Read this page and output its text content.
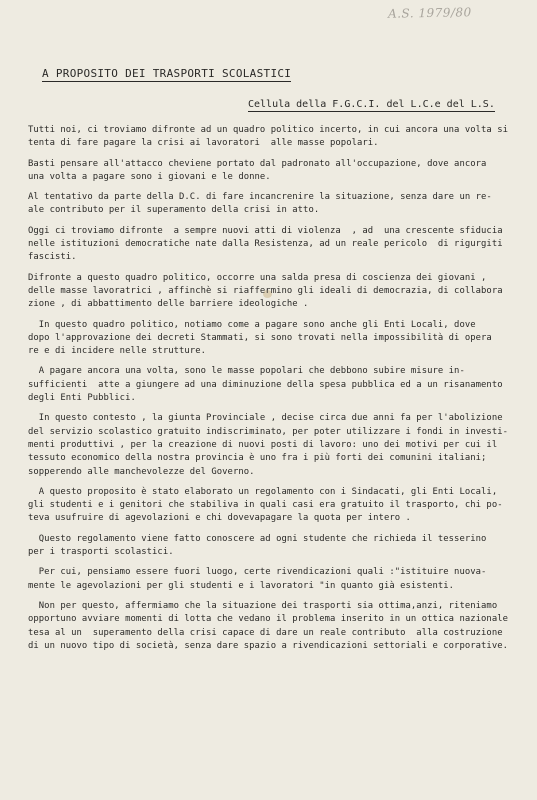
A.S. 1979/80
A PROPOSITO DEI TRASPORTI SCOLASTICI
Cellula della F.G.C.I. del L.C.e del L.S.
Tutti noi, ci troviamo difronte ad un quadro politico incerto, in cui ancora una volta si
tenta di fare pagare la crisi ai lavoratori  alle masse popolari.
Basti pensare all'attacco cheviene portato dal padronato all'occupazione, dove ancora
una volta a pagare sono i giovani e le donne.
Al tentativo da parte della D.C. di fare incancrenire la situazione, senza dare un re-
ale contributo per il superamento della crisi in atto.
Oggi ci troviamo difronte  a sempre nuovi atti di violenza  , ad  una crescente sfiducia
nelle istituzioni democratiche nate dalla Resistenza, ad un reale pericolo  di rigurgiti
fascisti.
Difronte a questo quadro politico, occorre una salda presa di coscienza dei giovani ,
delle masse lavoratrici , affinchè si riaffermino gli ideali di democrazia, di collabora
zione , di abbattimento delle barriere ideologiche .
In questo quadro politico, notiamo come a pagare sono anche gli Enti Locali, dove
dopo l'approvazione dei decreti Stammati, si sono trovati nella impossibilità di opera
re e di incidere nelle strutture.
A pagare ancora una volta, sono le masse popolari che debbono subire misure in-
sufficienti  atte a giungere ad una diminuzione della spesa pubblica ed a un risanamento
degli Enti Pubblici.
In questo contesto , la giunta Provinciale , decise circa due anni fa per l'abolizione
del servizio scolastico gratuito indiscriminato, per poter utilizzare i fondi in investi-
menti produttivi , per la creazione di nuovi posti di lavoro: uno dei motivi per cui il
tessuto economico della nostra provincia è uno fra i più forti dei comunini italiani;
sopperendo alle manchevolezze del Governo.
A questo proposito è stato elaborato un regolamento con i Sindacati, gli Enti Locali,
gli studenti e i genitori che stabiliva in quali casi era gratuito il trasporto, chi po-
teva usufruire di agevolazioni e chi dovevapagare la quota per intero .
Questo regolamento viene fatto conoscere ad ogni studente che richieda il tesserino
per i trasporti scolastici.
Per cui, pensiamo essere fuori luogo, certe rivendicazioni quali :"istituire nuova-
mente le agevolazioni per gli studenti e i lavoratori "in quanto già esistenti.
Non per questo, affermiamo che la situazione dei trasporti sia ottima,anzi, riteniamo
opportuno avviare momenti di lotta che vedano il problema inserito in un ottica nazionale
tesa al un  superamento della crisi capace di dare un reale contributo  alla costruzione
di un nuovo tipo di società, senza dare spazio a rivendicazioni settoriali e corporative.
